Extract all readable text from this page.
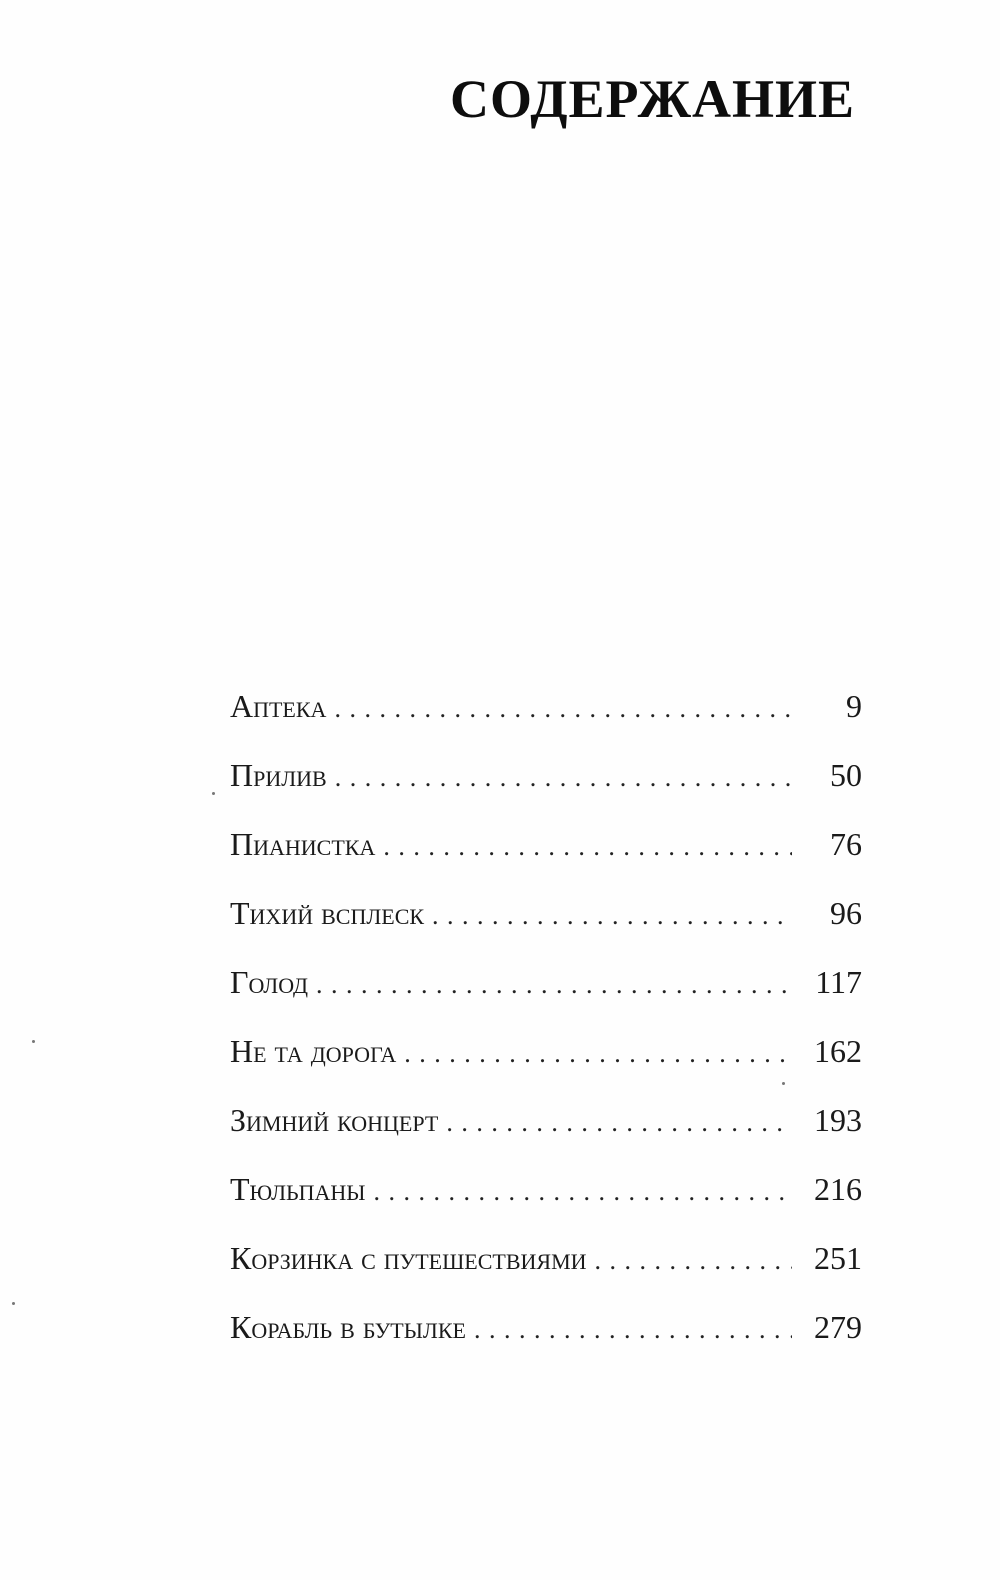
СОДЕРЖАНИЕ
Аптека . . .	9
Прилив . . .	50
Пианистка . . .	76
Тихий всплеск . . .	96
Голод . . .	117
Не та дорога . . .	162
Зимний концерт . . .	193
Тюльпаны . . .	216
Корзинка с путешествиями . . .	251
Корабль в бутылке . . .	279
